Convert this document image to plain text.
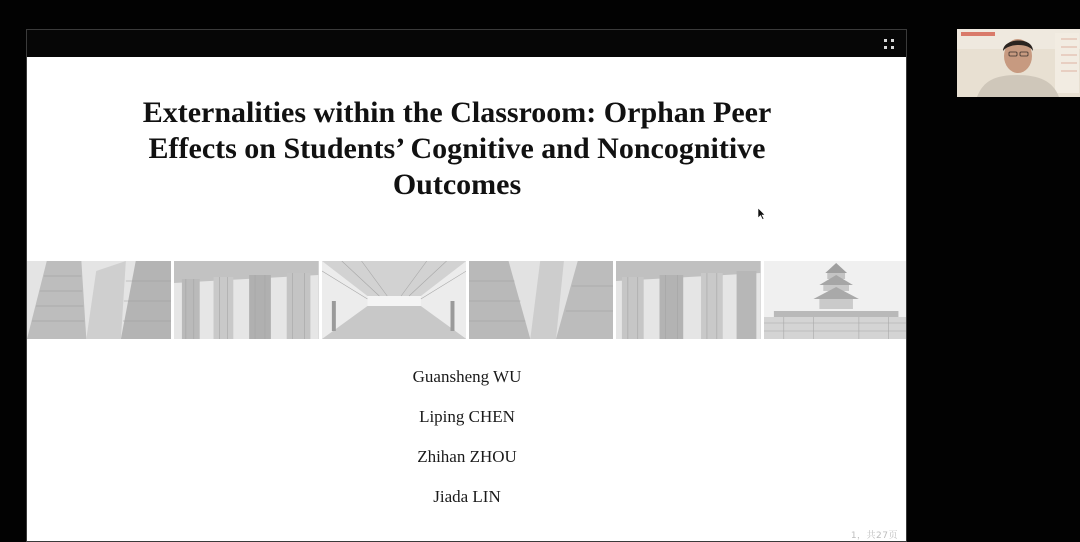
Externalities within the Classroom: Orphan Peer
Effects on Students’ Cognitive and Noncognitive
Outcomes
Guansheng WU
Liping CHEN
Zhihan ZHOU
Jiada LIN
1，共27页
